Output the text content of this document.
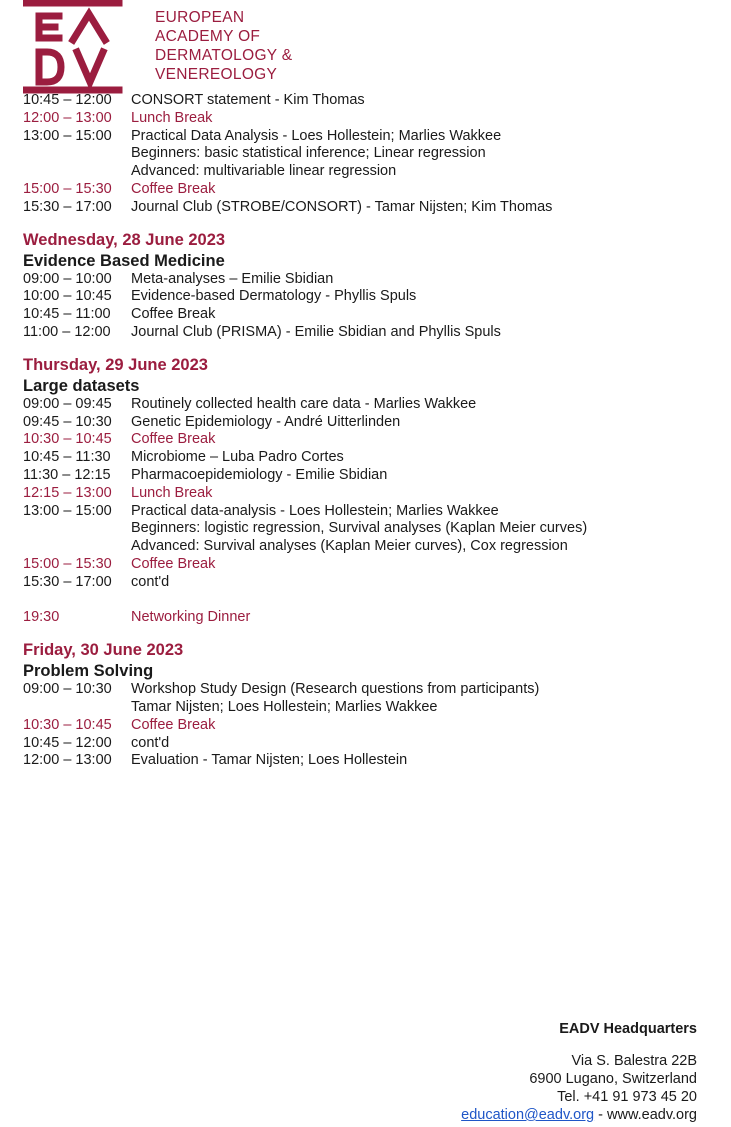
EUROPEAN
ACADEMY OF
DERMATOLOGY &
VENEREOLOGY
10:45 – 12:00	CONSORT statement - Kim Thomas
12:00 – 13:00	Lunch Break
13:00 – 15:00	Practical Data Analysis - Loes Hollestein; Marlies Wakkee
Beginners: basic statistical inference; Linear regression
Advanced: multivariable linear regression
15:00 – 15:30	Coffee Break
15:30 – 17:00	Journal Club (STROBE/CONSORT) - Tamar Nijsten; Kim Thomas
Wednesday, 28 June 2023
Evidence Based Medicine
09:00 – 10:00	Meta-analyses – Emilie Sbidian
10:00 – 10:45	Evidence-based Dermatology - Phyllis Spuls
10:45 – 11:00	Coffee Break
11:00 – 12:00	Journal Club (PRISMA) - Emilie Sbidian and Phyllis Spuls
Thursday, 29 June 2023
Large datasets
09:00 – 09:45	Routinely collected health care data - Marlies Wakkee
09:45 – 10:30	Genetic Epidemiology - André Uitterlinden
10:30 – 10:45	Coffee Break
10:45 – 11:30	Microbiome – Luba Padro Cortes
11:30 – 12:15	Pharmacoepidemiology - Emilie Sbidian
12:15 – 13:00	Lunch Break
13:00 – 15:00	Practical data-analysis - Loes Hollestein; Marlies Wakkee
Beginners: logistic regression, Survival analyses (Kaplan Meier curves)
Advanced: Survival analyses (Kaplan Meier curves), Cox regression
15:00 – 15:30	Coffee Break
15:30 – 17:00	cont'd
19:30	Networking Dinner
Friday, 30 June 2023
Problem Solving
09:00 – 10:30	Workshop Study Design (Research questions from participants)
Tamar Nijsten; Loes Hollestein; Marlies Wakkee
10:30 – 10:45	Coffee Break
10:45 – 12:00	cont'd
12:00 – 13:00	Evaluation - Tamar Nijsten; Loes Hollestein
EADV Headquarters
Via S. Balestra 22B
6900 Lugano, Switzerland
Tel. +41 91 973 45 20
education@eadv.org - www.eadv.org
